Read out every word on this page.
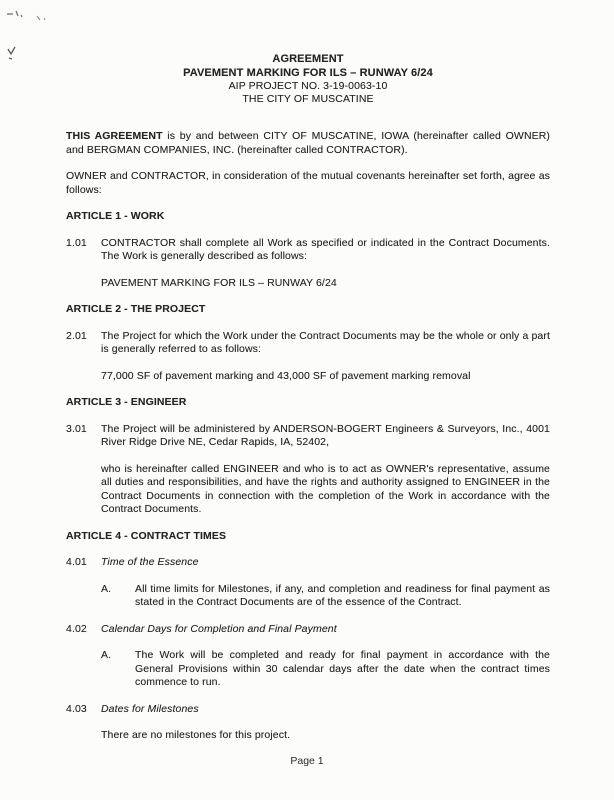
AGREEMENT
PAVEMENT MARKING FOR ILS – RUNWAY 6/24
AIP PROJECT NO. 3-19-0063-10
THE CITY OF MUSCATINE

THIS AGREEMENT is by and between CITY OF MUSCATINE, IOWA (hereinafter called OWNER) and BERGMAN COMPANIES, INC. (hereinafter called CONTRACTOR).

OWNER and CONTRACTOR, in consideration of the mutual covenants hereinafter set forth, agree as follows:

ARTICLE 1 - WORK
1.01	CONTRACTOR shall complete all Work as specified or indicated in the Contract Documents. The Work is generally described as follows:

PAVEMENT MARKING FOR ILS – RUNWAY 6/24

ARTICLE 2 - THE PROJECT
2.01	The Project for which the Work under the Contract Documents may be the whole or only a part is generally referred to as follows:

77,000 SF of pavement marking and 43,000 SF of pavement marking removal

ARTICLE 3 - ENGINEER
3.01	The Project will be administered by ANDERSON-BOGERT Engineers & Surveyors, Inc., 4001 River Ridge Drive NE, Cedar Rapids, IA, 52402,

who is hereinafter called ENGINEER and who is to act as OWNER's representative, assume all duties and responsibilities, and have the rights and authority assigned to ENGINEER in the Contract Documents in connection with the completion of the Work in accordance with the Contract Documents.

ARTICLE 4 - CONTRACT TIMES
4.01	Time of the Essence
A.	All time limits for Milestones, if any, and completion and readiness for final payment as stated in the Contract Documents are of the essence of the Contract.
4.02	Calendar Days for Completion and Final Payment
A.	The Work will be completed and ready for final payment in accordance with the General Provisions within 30 calendar days after the date when the contract times commence to run.
4.03	Dates for Milestones

There are no milestones for this project.

Page 1
